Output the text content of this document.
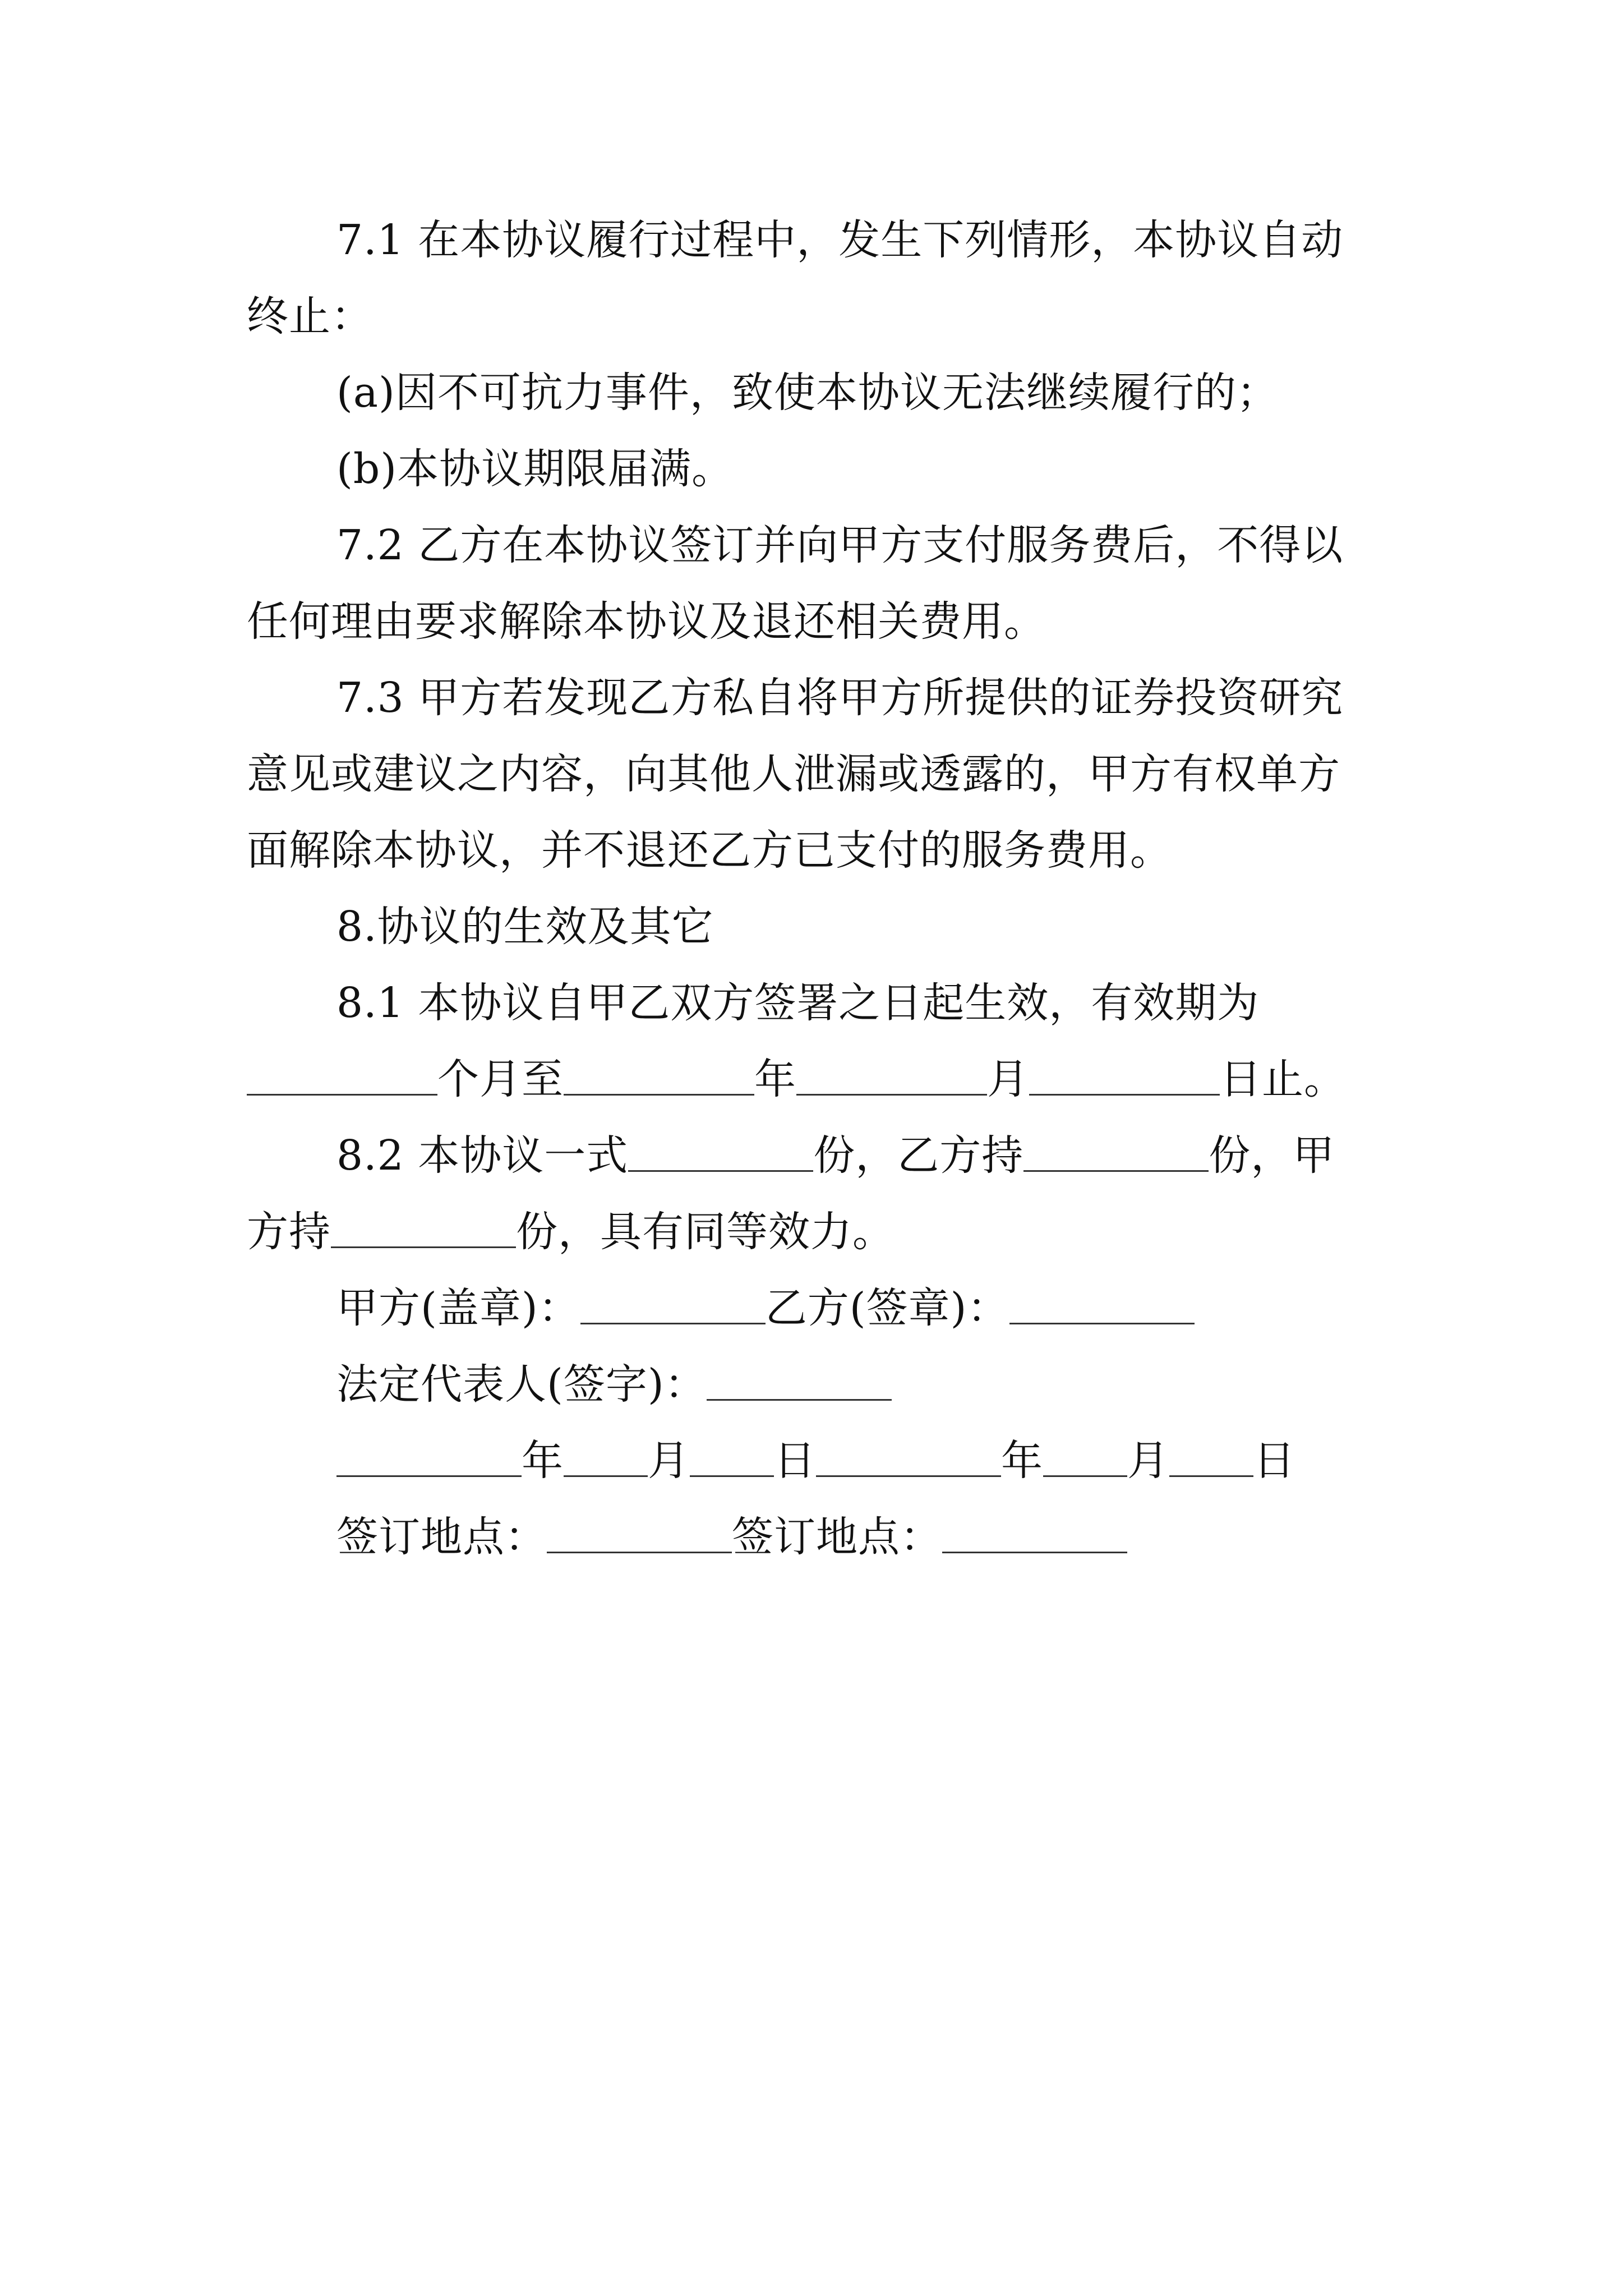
7.1 在本协议履行过程中，发生下列情形，本协议自动
终止：
(a)因不可抗力事件，致使本协议无法继续履行的；
(b)本协议期限届满。
7.2 乙方在本协议签订并向甲方支付服务费后，不得以
任何理由要求解除本协议及退还相关费用。
7.3 甲方若发现乙方私自将甲方所提供的证券投资研究
意见或建议之内容，向其他人泄漏或透露的，甲方有权单方
面解除本协议，并不退还乙方已支付的服务费用。
8.协议的生效及其它
8.1 本协议自甲乙双方签署之日起生效，有效期为
个月至	年	月	日止。
8.2 本协议一式	份，乙方持	份，甲
方持	份，具有同等效力。
甲方(盖章)：	乙方(签章)：
法定代表人(签字)：
年 月 日	年 月 日
签订地点：	签订地点：
